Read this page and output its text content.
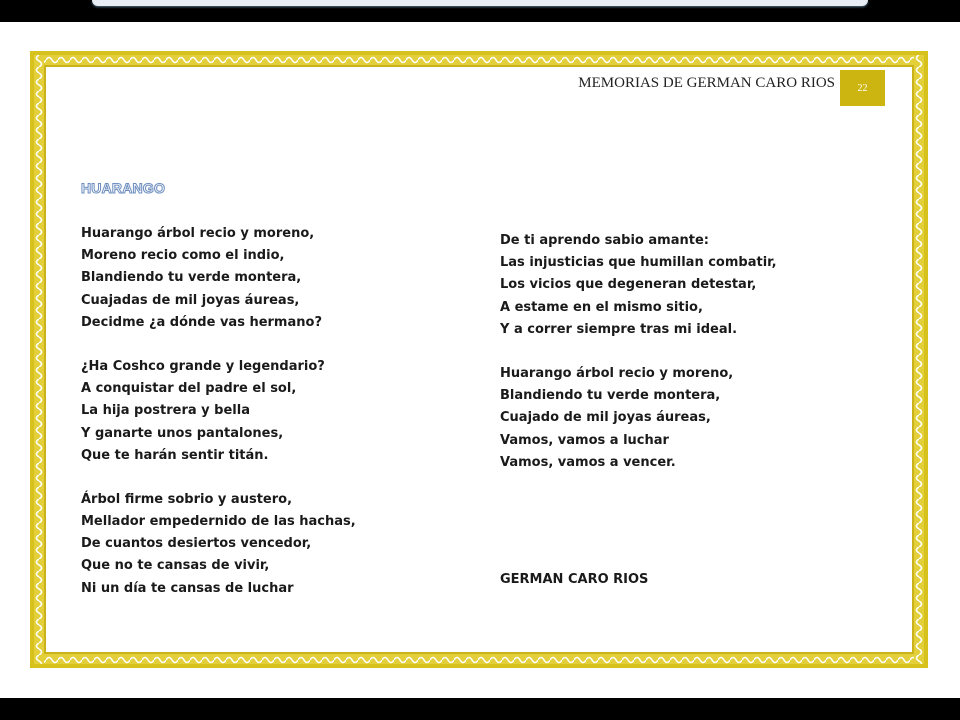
MEMORIAS DE GERMAN CARO RIOS	22
HUARANGO
Huarango árbol recio y moreno,
Moreno recio como el indio,
Blandiendo tu verde montera,
Cuajadas de mil joyas áureas,
Decidme ¿a dónde vas hermano?
¿Ha Coshco grande y legendario?
A conquistar del padre el sol,
La hija postrera y bella
Y ganarte unos pantalones,
Que te harán sentir titán.
Árbol firme sobrio y austero,
Mellador empedernido de las hachas,
De cuantos desiertos vencedor,
Que no te cansas de vivir,
Ni un día te cansas de luchar
De ti aprendo sabio amante:
Las injusticias que humillan combatir,
Los vicios que degeneran detestar,
A estame en el mismo sitio,
Y a correr siempre tras mi ideal.
Huarango árbol recio y moreno,
Blandiendo tu verde montera,
Cuajado de mil joyas áureas,
Vamos, vamos a luchar
Vamos, vamos a vencer.
GERMAN CARO RIOS
